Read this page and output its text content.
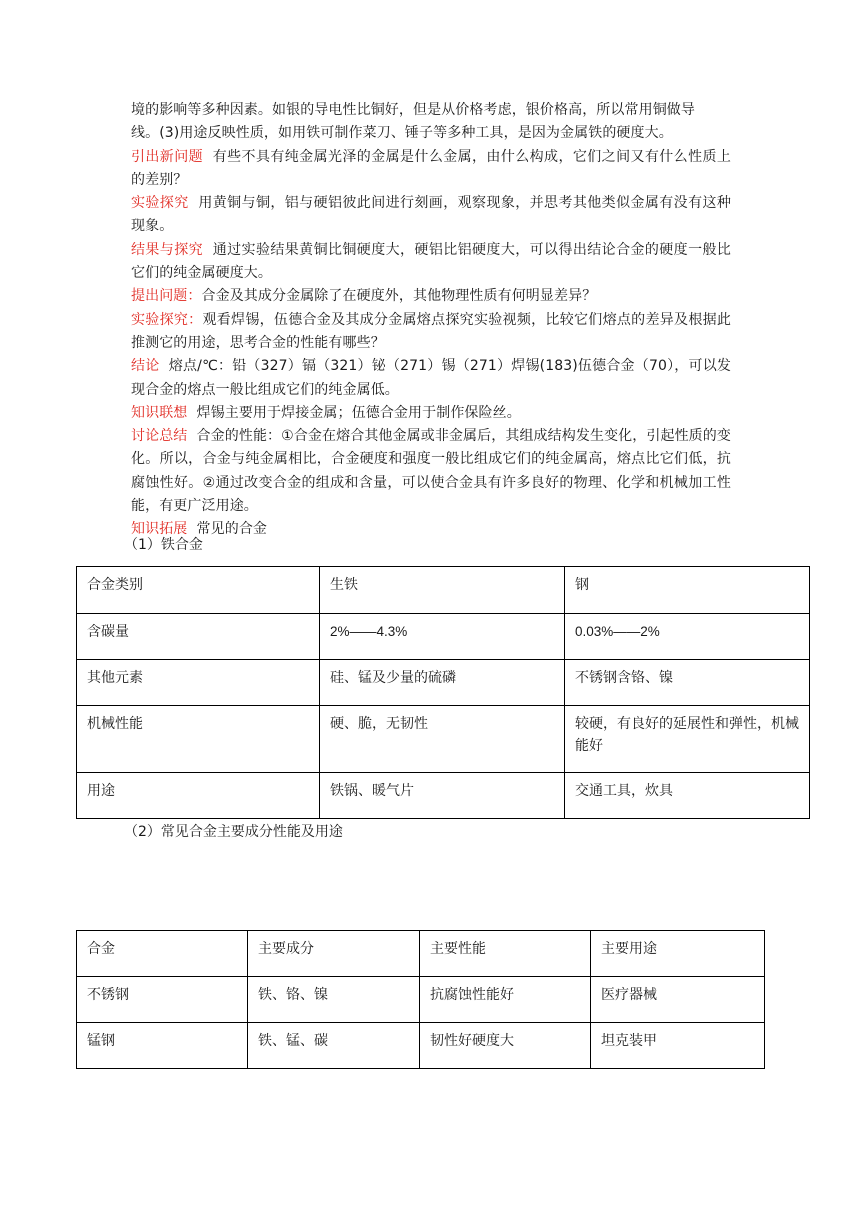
境的影响等多种因素。如银的导电性比铜好，但是从价格考虑，银价格高，所以常用铜做导
线。(3)用途反映性质，如用铁可制作菜刀、锤子等多种工具，是因为金属铁的硬度大。

引出新问题 有些不具有纯金属光泽的金属是什么金属，由什么构成，它们之间又有什么性质上的差别？

实验探究 用黄铜与铜，铝与硬铝彼此间进行刻画，观察现象，并思考其他类似金属有没有这种现象。

结果与探究 通过实验结果黄铜比铜硬度大，硬铝比铝硬度大，可以得出结论合金的硬度一般比它们的纯金属硬度大。

提出问题：合金及其成分金属除了在硬度外，其他物理性质有何明显差异？

实验探究：观看焊锡，伍德合金及其成分金属熔点探究实验视频，比较它们熔点的差异及根据此推测它的用途，思考合金的性能有哪些？

结论 熔点/℃：铅（327）镉（321）铋（271）锡（271）焊锡(183)伍德合金（70），可以发现合金的熔点一般比组成它们的纯金属低。

知识联想 焊锡主要用于焊接金属；伍德合金用于制作保险丝。

讨论总结 合金的性能：①合金在熔合其他金属或非金属后，其组成结构发生变化，引起性质的变化。所以，合金与纯金属相比，合金硬度和强度一般比组成它们的纯金属高，熔点比它们低，抗腐蚀性好。②通过改变合金的组成和含量，可以使合金具有许多良好的物理、化学和机械加工性能，有更广泛用途。

知识拓展 常见的合金

（1）铁合金
合金类别	生铁	钢
含碳量	2%——4.3%	0.03%——2%
其他元素	硅、锰及少量的硫磷	不锈钢含铬、镍
机械性能	硬、脆，无韧性	较硬，有良好的延展性和弹性，机械能好
用途	铁锅、暖气片	交通工具，炊具
（2）常见合金主要成分性能及用途
合金	主要成分	主要性能	主要用途
不锈钢	铁、铬、镍	抗腐蚀性能好	医疗器械
锰钢	铁、锰、碳	韧性好硬度大	坦克装甲
